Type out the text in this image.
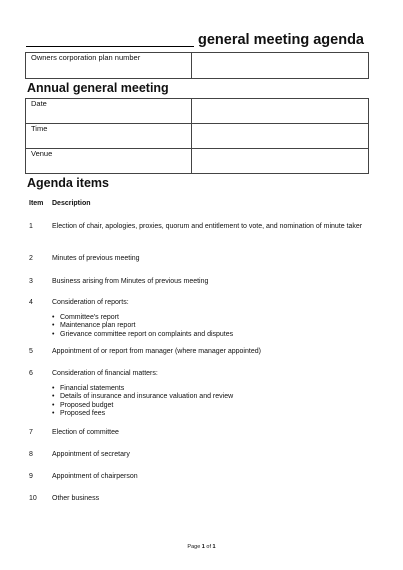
general meeting agenda
Owners corporation plan number	
Annual general meeting
Date	
Time	
Venue	
Agenda items
Item Description
1	Election of chair, apologies, proxies, quorum and entitlement to vote, and nomination of minute taker
2	Minutes of previous meeting
3	Business arising from Minutes of previous meeting
4	Consideration of reports:
• Committee's report
• Maintenance plan report
• Grievance committee report on complaints and disputes
5	Appointment of or report from manager (where manager appointed)
6	Consideration of financial matters:
• Financial statements
• Details of insurance and insurance valuation and review
• Proposed budget
• Proposed fees
7	Election of committee
8	Appointment of secretary
9	Appointment of chairperson
10 Other business
Page 1 of 1
